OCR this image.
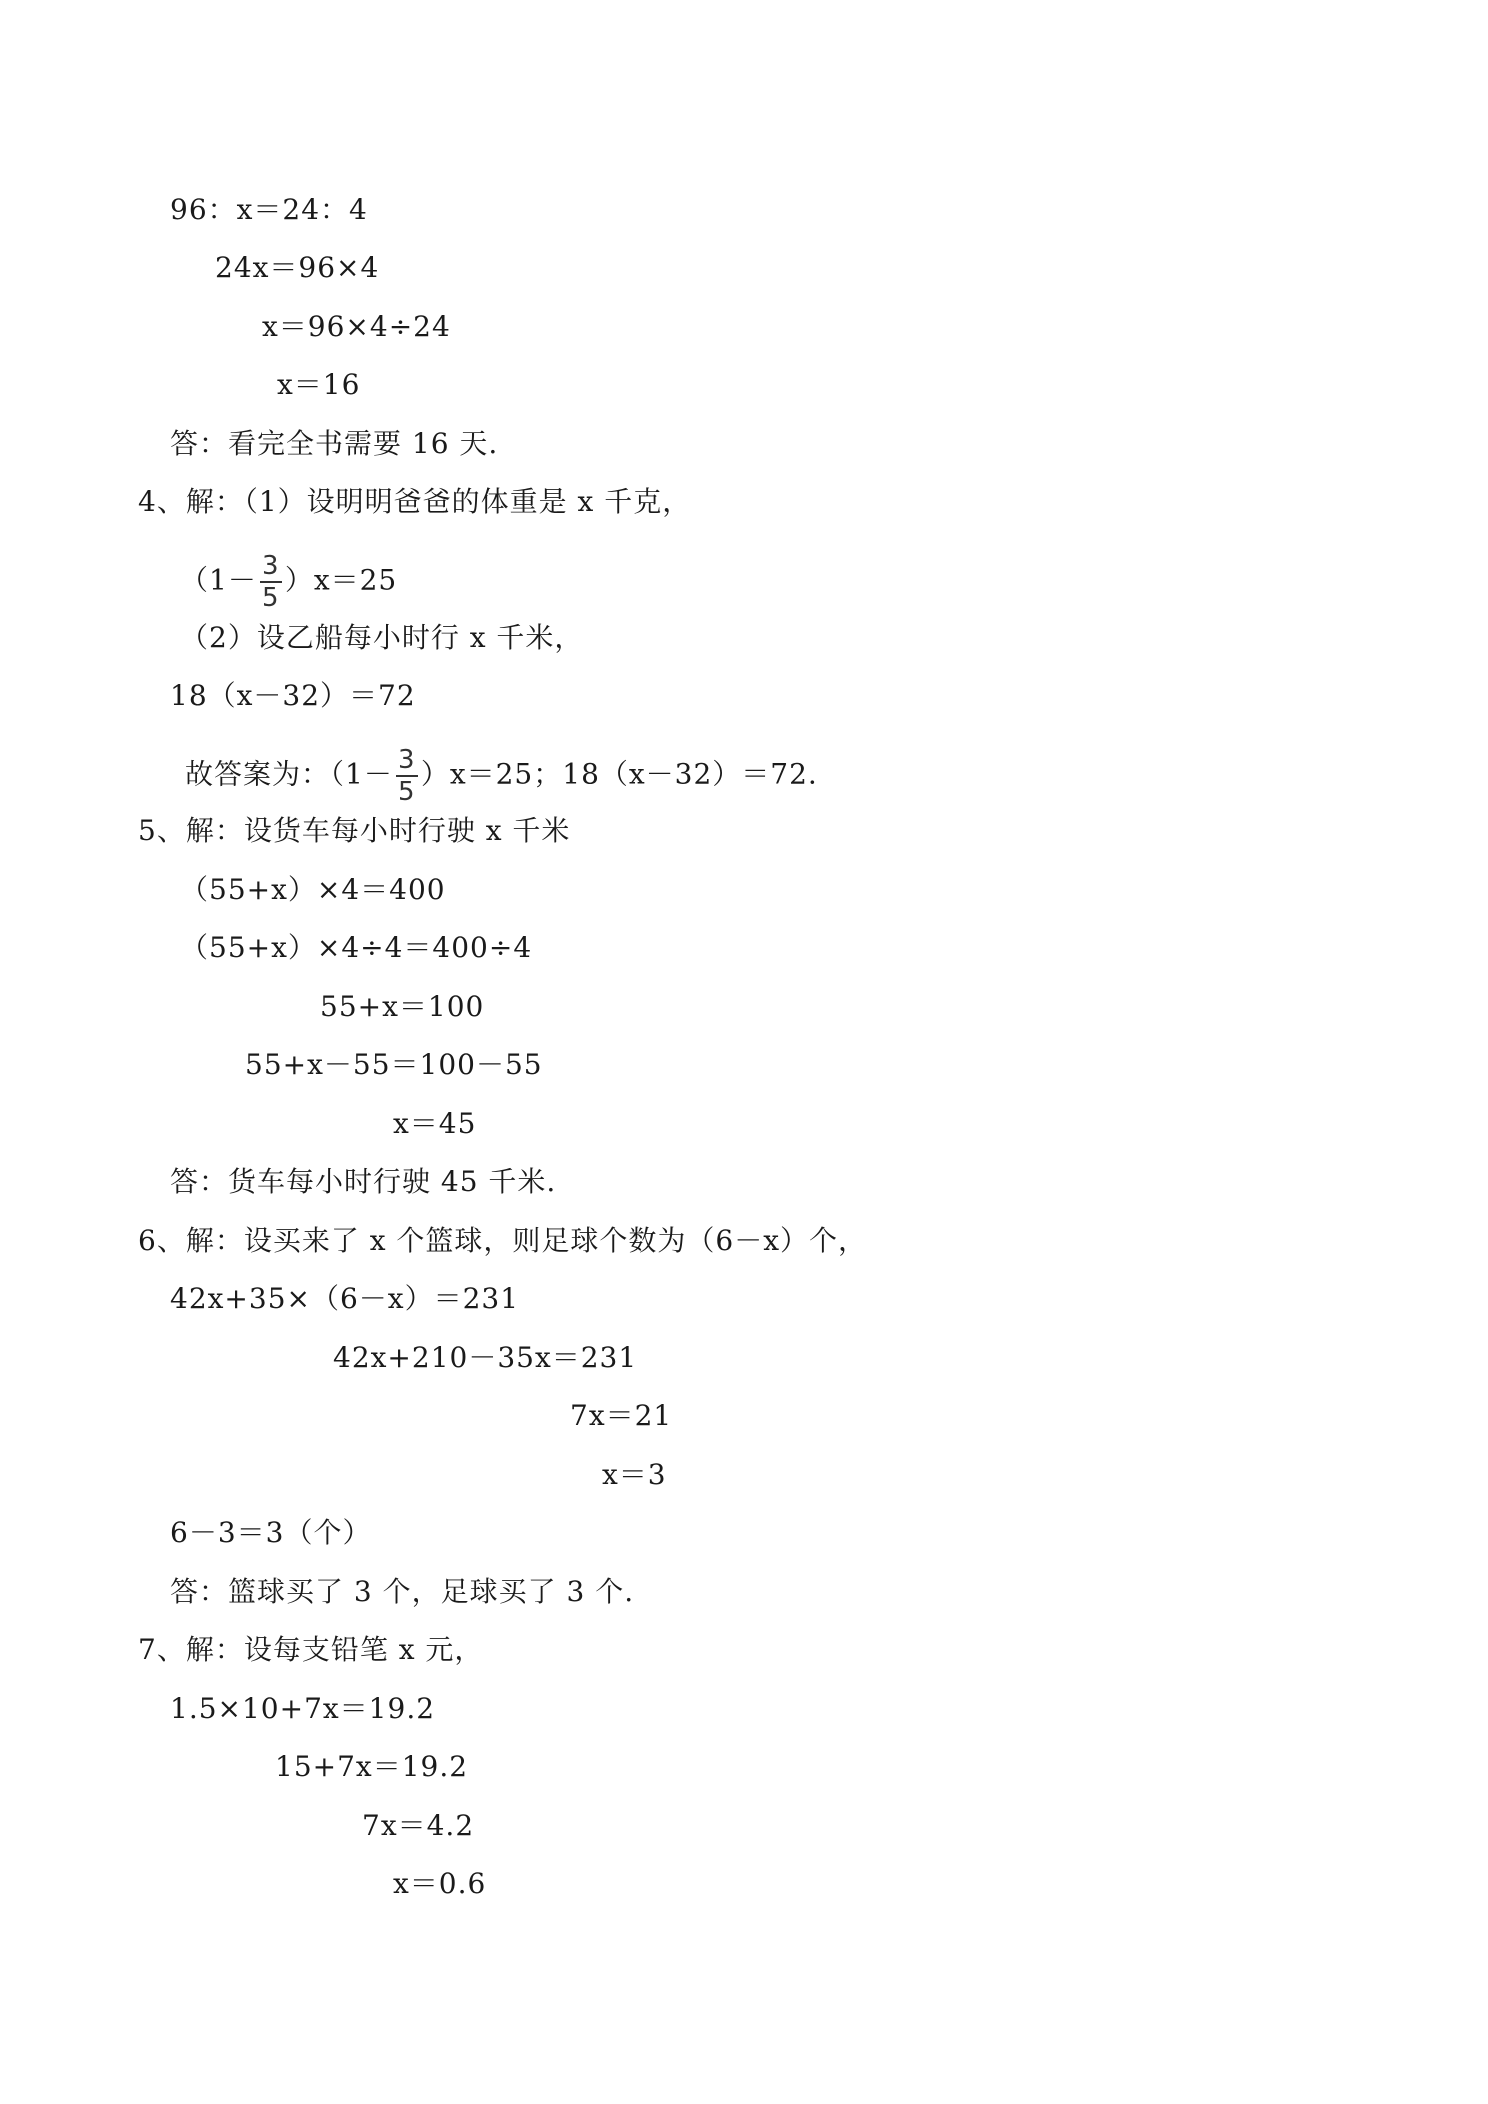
96：x＝24：4
24x＝96×4
x＝96×4÷24
x＝16
答：看完全书需要 16 天.
4、解：（1）设明明爸爸的体重是 x 千克，
$(1- \frac{3}{5} )x=25$
（2）设乙船每小时行 x 千米，
18（x－32）＝72
故答案为：$(1- \frac{3}{5} )x=25$；18（x－32）＝72.
5、解：设货车每小时行驶 x 千米
（55+x）×4＝400
（55+x）×4÷4＝400÷4
55+x＝100
55+x－55＝100－55
x＝45
答：货车每小时行驶 45 千米.
6、解：设买来了 x 个篮球，则足球个数为（6－x）个，
42x+35×（6－x）＝231
42x+210－35x＝231
7x＝21
x＝3
6－3＝3（个）
答：篮球买了 3 个，足球买了 3 个.
7、解：设每支铅笔 x 元，
1.5×10+7x＝19.2
15+7x＝19.2
7x＝4.2
x＝0.6
